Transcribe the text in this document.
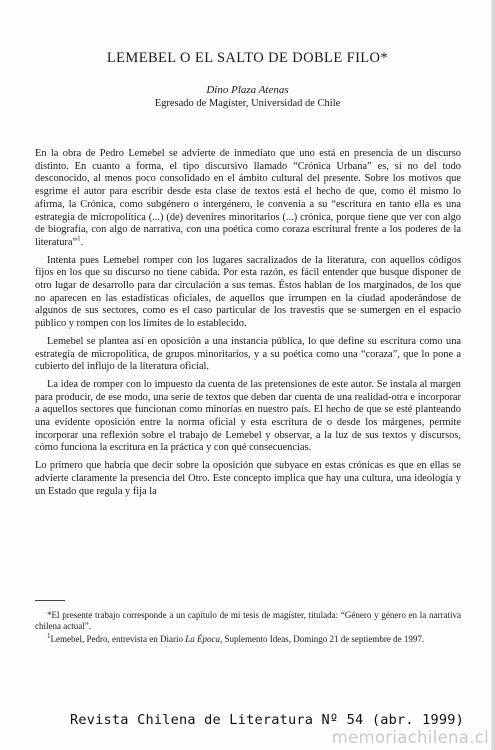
LEMEBEL O EL SALTO DE DOBLE FILO*
Dino Plaza Atenas
Egresado de Magíster, Universidad de Chile

En la obra de Pedro Lemebel se advierte de inmediato que uno está en presencia de un discurso distinto. En cuanto a forma, el tipo discursivo llamado “Crónica Urbana” es, si no del todo desconocido, al menos poco consolidado en el ámbito cultural del presente. Sobre los motivos que esgrime el autor para escribir desde esta clase de textos está el hecho de que, como él mismo lo afirma, la Crónica, como subgénero o intergénero, le convenía a su “escritura en tanto ella es una estrategia de micropolítica (...) (de) devenires minoritarios (...) crónica, porque tiene que ver con algo de biografía, con algo de narrativa, con una poética como coraza escritural frente a los poderes de la literatura”$^1$.

Intenta pues Lemebel romper con los lugares sacralizados de la literatura, con aquellos códigos fijos en los que su discurso no tiene cabida. Por esta razón, es fácil entender que busque disponer de otro lugar de desarrollo para dar circulación a sus temas. Éstos hablan de los marginados, de los que no aparecen en las estadísticas oficiales, de aquellos que irrumpen en la ciudad apoderándose de algunos de sus sectores, como es el caso particular de los travestis que se sumergen en el espacio público y rompen con los límites de lo establecido.

Lemebel se plantea así en oposición a una instancia pública, lo que define su escritura como una estrategia de micropolítica, de grupos minoritarios, y a su poética como una “coraza”, que lo pone a cubierto del influjo de la literatura oficial.

La idea de romper con lo impuesto da cuenta de las pretensiones de este autor. Se instala al margen para producir, de ese modo, una serie de textos que deben dar cuenta de una realidad-otra e incorporar a aquellos sectores que funcionan como minorías en nuestro país. El hecho de que se esté planteando una evidente oposición entre la norma oficial y esta escritura de o desde los márgenes, permite incorporar una reflexión sobre el trabajo de Lemebel y observar, a la luz de sus textos y discursos, cómo funciona la escritura en la práctica y con qué consecuencias.

Lo primero que habría que decir sobre la oposición que subyace en estas crónicas es que en ellas se advierte claramente la presencia del Otro. Este concepto implica que hay una cultura, una ideología y un Estado que regula y fija la

*El presente trabajo corresponde a un capítulo de mi tesis de magíster, titulada: “Género y género en la narrativa chilena actual”.

$^1$Lemebel, Pedro, entrevista en Diario La Época, Suplemento Ideas, Domingo 21 de septiembre de 1997.

Revista Chilena de Literatura Nº 54 (abr. 1999)
memoriachilena.cl
